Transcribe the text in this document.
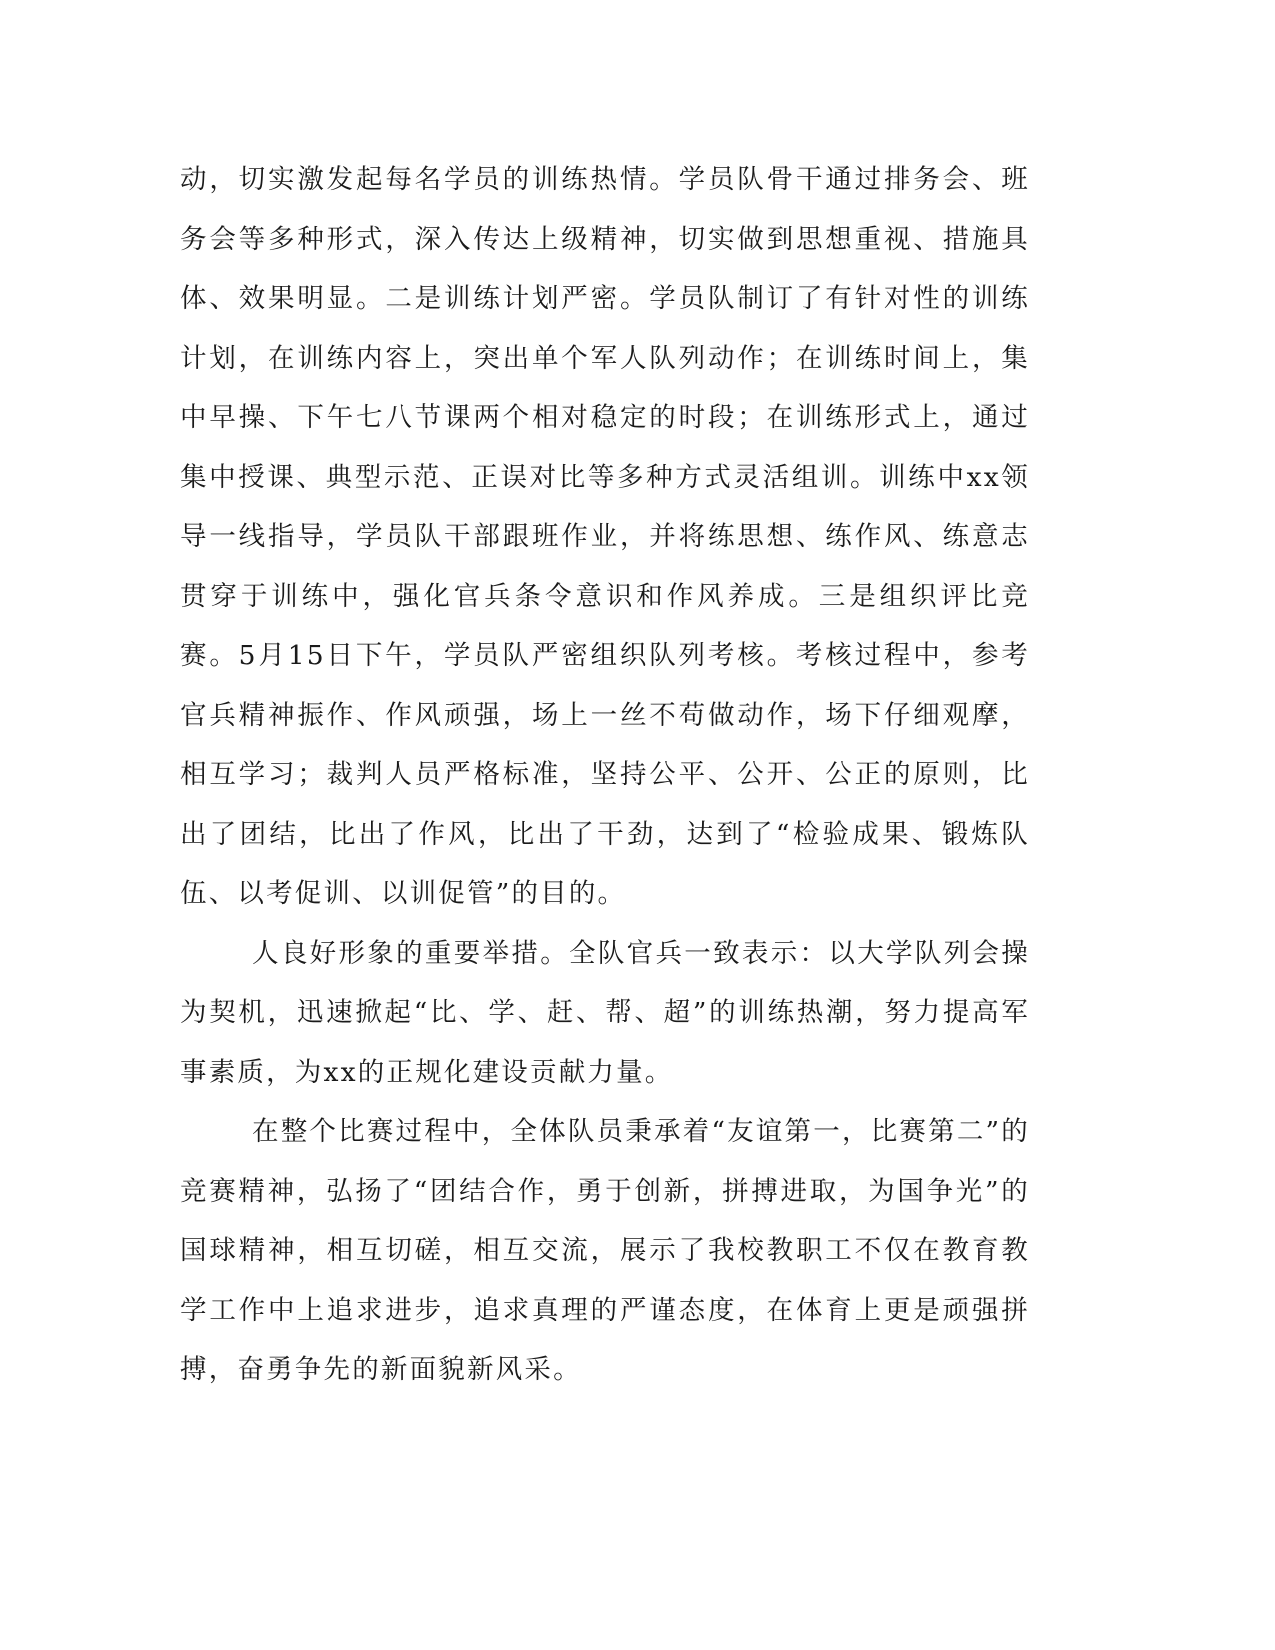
动，切实激发起每名学员的训练热情。学员队骨干通过排务会、班务会等多种形式，深入传达上级精神，切实做到思想重视、措施具体、效果明显。二是训练计划严密。学员队制订了有针对性的训练计划，在训练内容上，突出单个军人队列动作；在训练时间上，集中早操、下午七八节课两个相对稳定的时段；在训练形式上，通过集中授课、典型示范、正误对比等多种方式灵活组训。训练中xx领导一线指导，学员队干部跟班作业，并将练思想、练作风、练意志贯穿于训练中，强化官兵条令意识和作风养成。三是组织评比竞赛。5月15日下午，学员队严密组织队列考核。考核过程中，参考官兵精神振作、作风顽强，场上一丝不苟做动作，场下仔细观摩，相互学习；裁判人员严格标准，坚持公平、公开、公正的原则，比出了团结，比出了作风，比出了干劲，达到了“检验成果、锻炼队伍、以考促训、以训促管”的目的。

人良好形象的重要举措。全队官兵一致表示：以大学队列会操为契机，迅速掀起“比、学、赶、帮、超”的训练热潮，努力提高军事素质，为xx的正规化建设贡献力量。

在整个比赛过程中，全体队员秉承着“友谊第一，比赛第二”的竞赛精神，弘扬了“团结合作，勇于创新，拼搏进取，为国争光”的国球精神，相互切磋，相互交流，展示了我校教职工不仅在教育教学工作中上追求进步，追求真理的严谨态度，在体育上更是顽强拼搏，奋勇争先的新面貌新风采。
